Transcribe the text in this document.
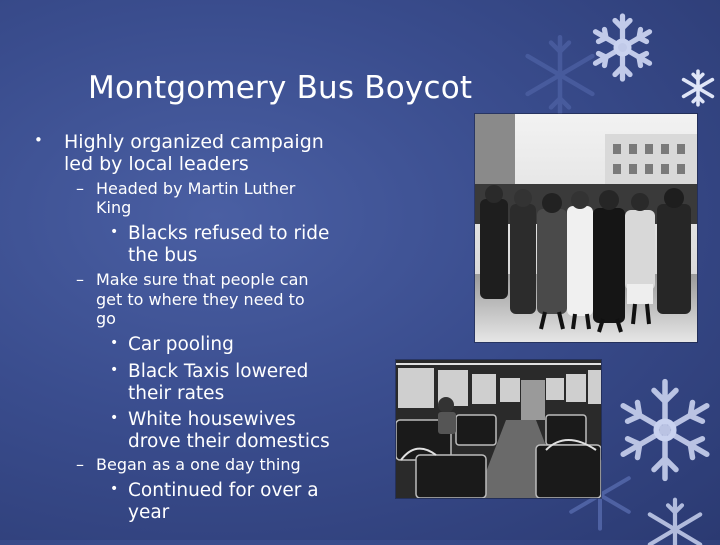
Montgomery Bus Boycot
• Highly organized campaign
led by local leaders
– Headed by Martin Luther
King
• Blacks refused to ride
the bus
– Make sure that people can
get to where they need to
go
• Car pooling
• Black Taxis lowered
their rates
• White housewives
drove their domestics
– Began as a one day thing
• Continued for over a
year
